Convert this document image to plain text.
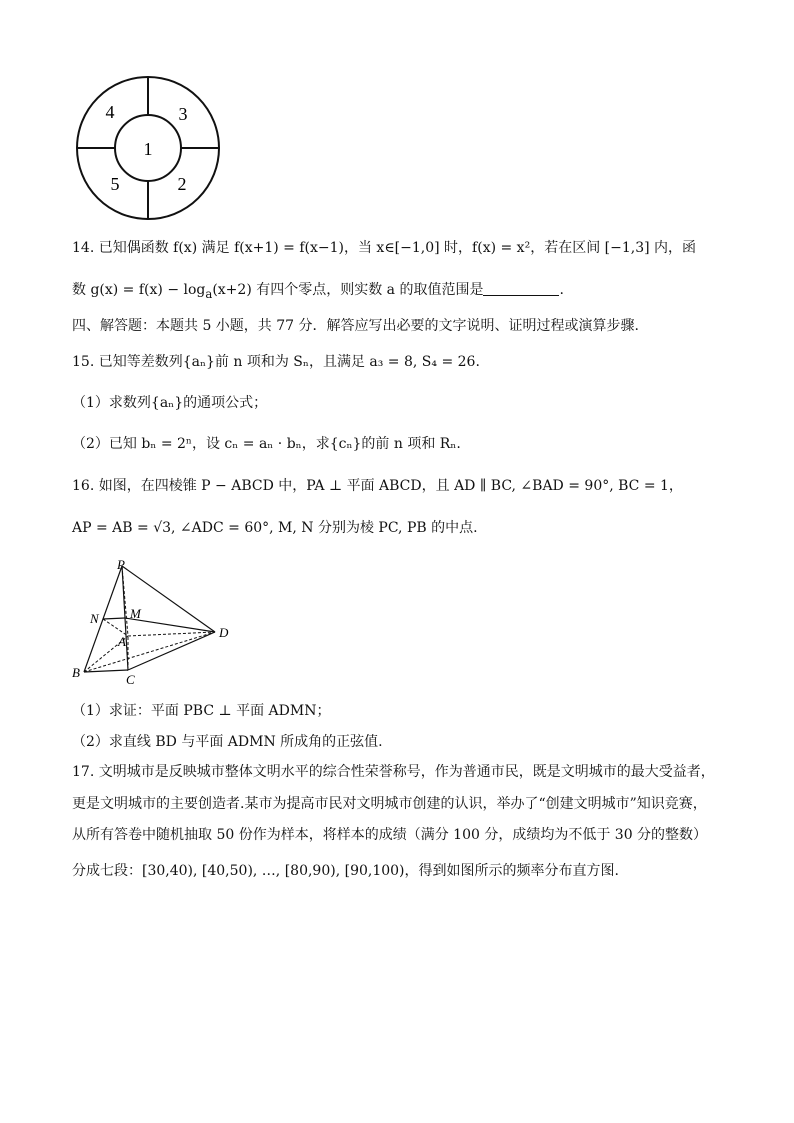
1
2
3
4
5
14. 已知偶函数 f(x) 满足 f(x+1) = f(x−1)，当 x∈[−1,0] 时，f(x) = x²，若在区间 [−1,3] 内，函
数 $g(x) = f(x) - \log_a(x+2)$ 有四个零点，则实数 a 的取值范围是	.
四、解答题：本题共 5 小题，共 77 分．解答应写出必要的文字说明、证明过程或演算步骤.
15. 已知等差数列{aₙ}前 n 项和为 Sₙ，且满足 a₃ = 8, S₄ = 26.
（1）求数列{aₙ}的通项公式；
（2）已知 bₙ = 2ⁿ，设 cₙ = aₙ · bₙ，求{cₙ}的前 n 项和 Rₙ.
16. 如图，在四棱锥 P − ABCD 中，PA ⊥ 平面 ABCD，且 AD ∥ BC, ∠BAD = 90°, BC = 1，
AP = AB = √3, ∠ADC = 60°, M, N 分别为棱 PC, PB 的中点.
P
M
N
A
D
B	C
（1）求证：平面 PBC ⊥ 平面 ADMN；
（2）求直线 BD 与平面 ADMN 所成角的正弦值.
17. 文明城市是反映城市整体文明水平的综合性荣誉称号，作为普通市民，既是文明城市的最大受益者，
更是文明城市的主要创造者.某市为提高市民对文明城市创建的认识，举办了“创建文明城市”知识竞赛，
从所有答卷中随机抽取 50 份作为样本，将样本的成绩（满分 100 分，成绩均为不低于 30 分的整数）
分成七段：[30,40), [40,50), …, [80,90), [90,100)，得到如图所示的频率分布直方图.
